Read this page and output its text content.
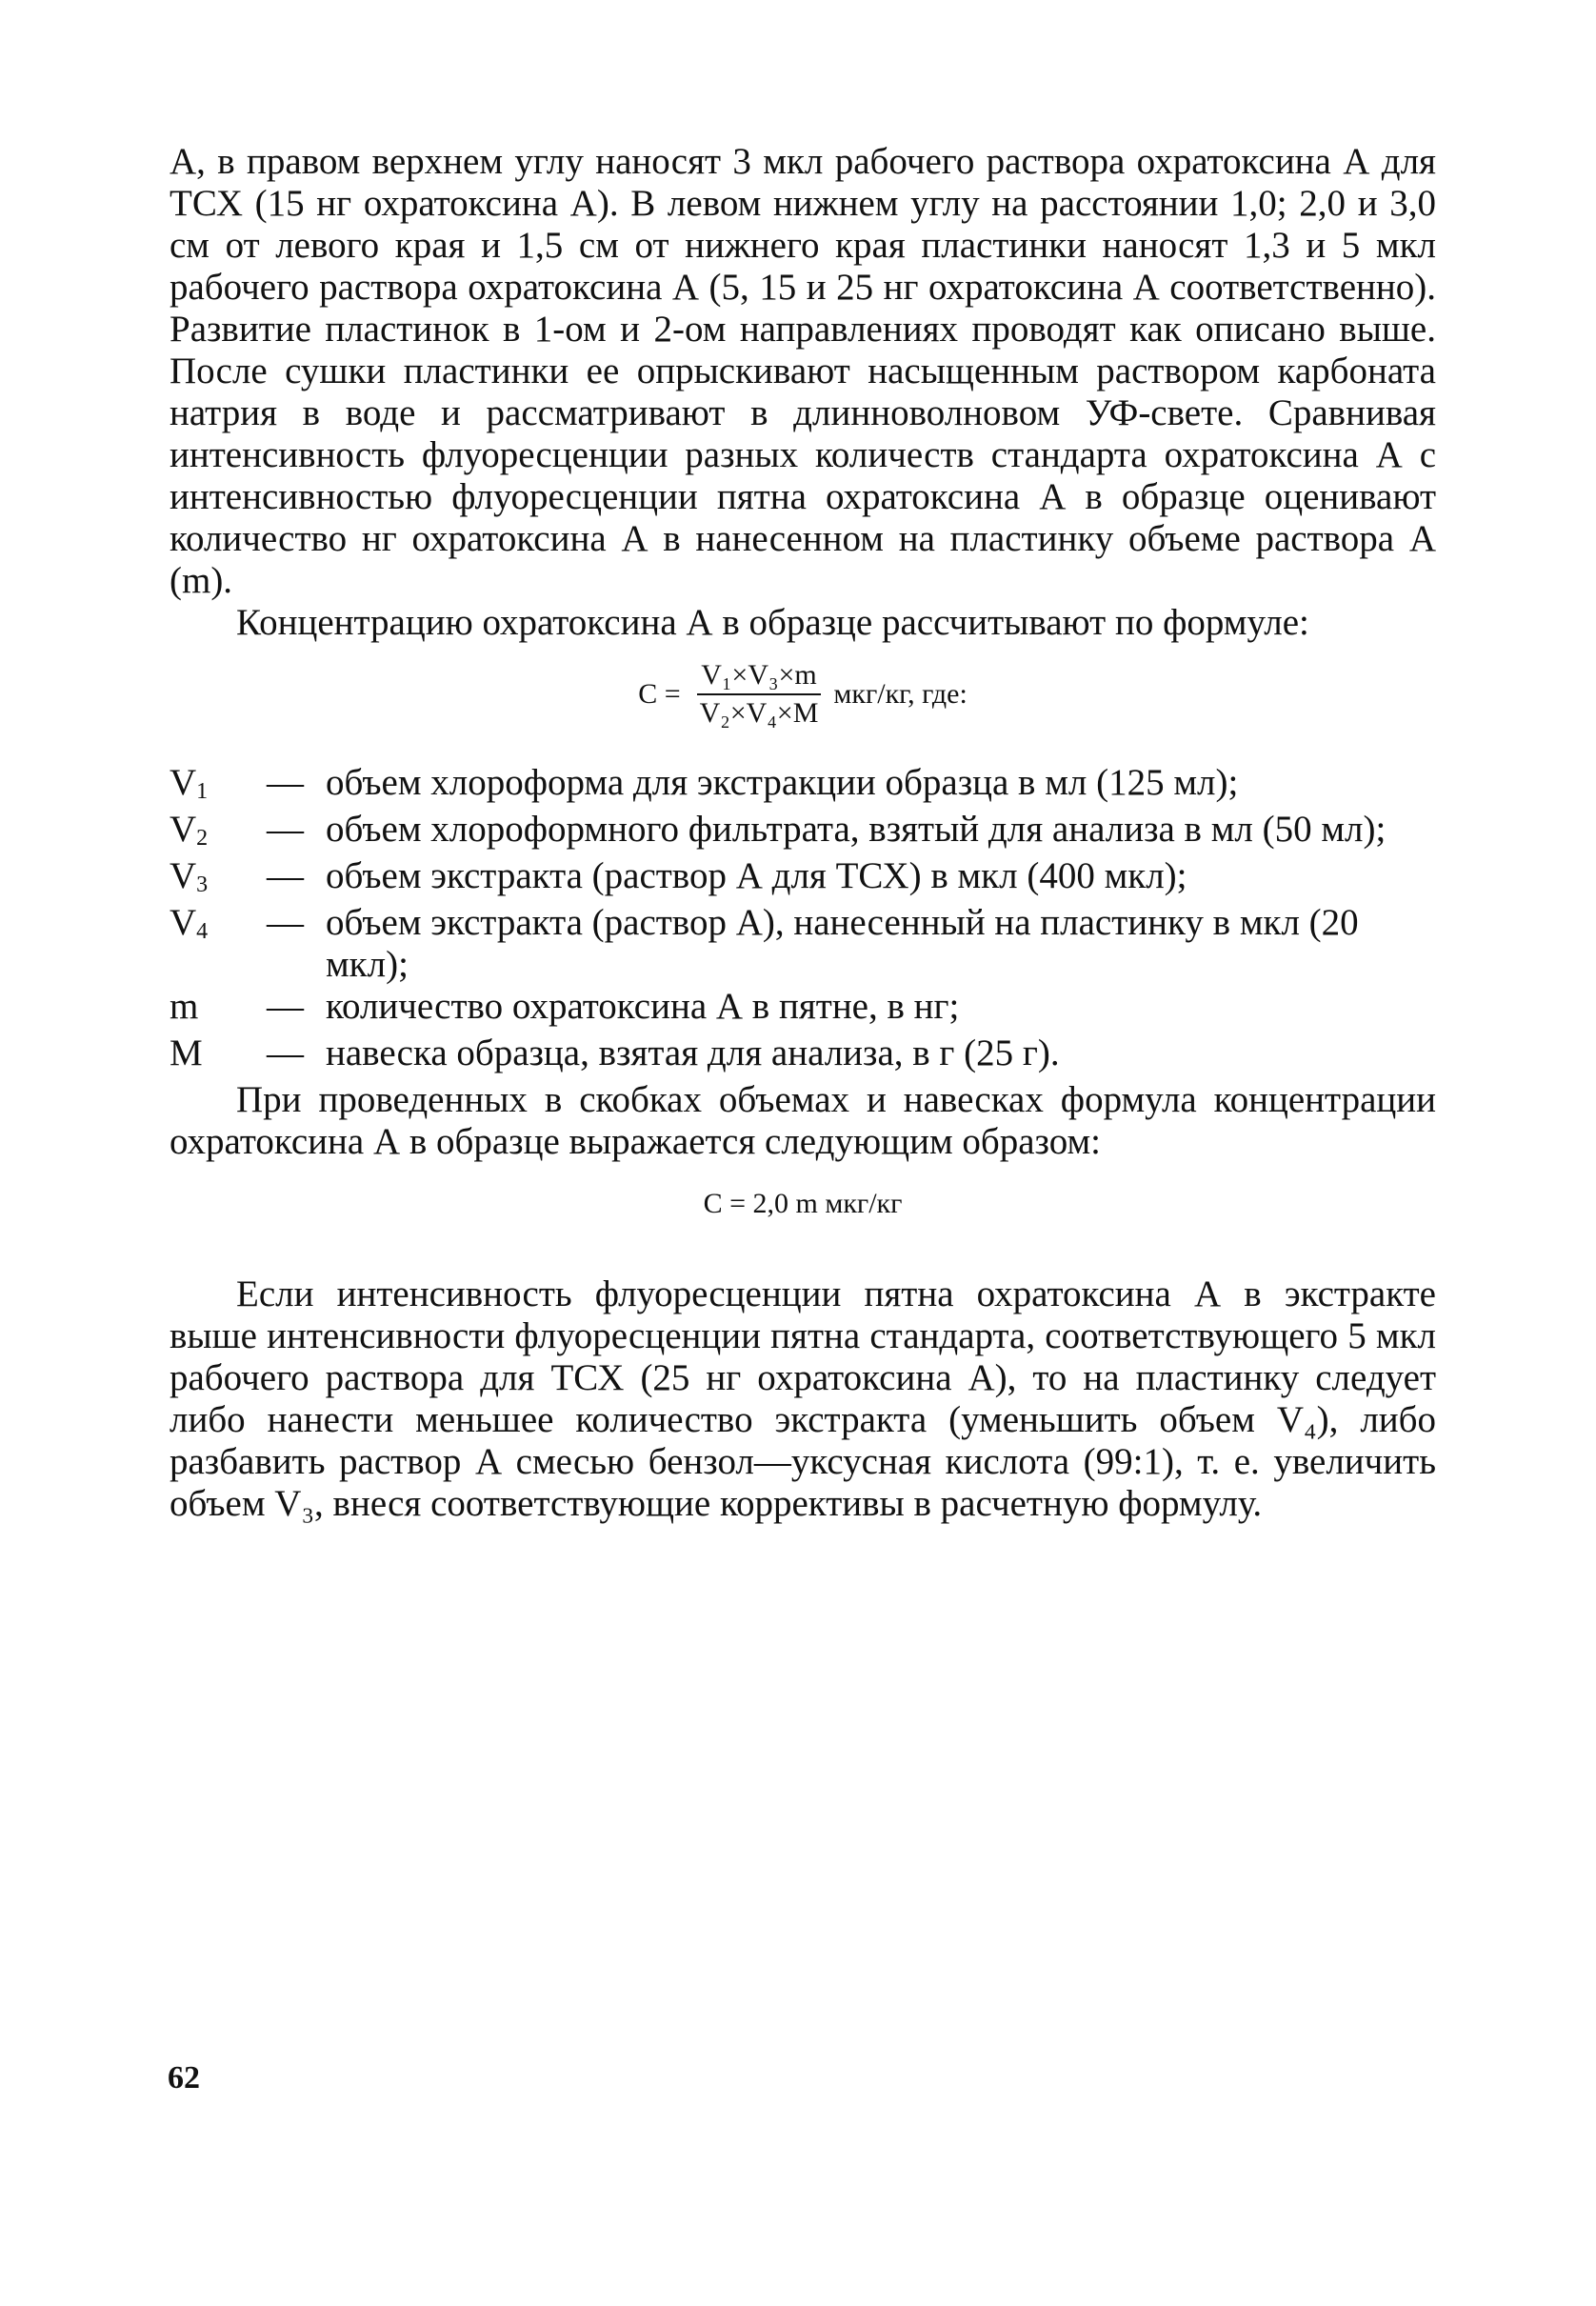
А, в правом верхнем углу наносят 3 мкл рабочего раствора охратоксина А для ТСХ (15 нг охратоксина А). В левом нижнем углу на расстоянии 1,0; 2,0 и 3,0 см от левого края и 1,5 см от нижнего края пластинки наносят 1,3 и 5 мкл рабочего раствора охратоксина А (5, 15 и 25 нг охратоксина А соответственно). Развитие пластинок в 1-ом и 2-ом направлениях проводят как описано выше. После сушки пластинки ее опрыскивают насыщенным раствором карбоната натрия в воде и рассматривают в длинноволновом УФ-свете. Сравнивая интенсивность флуоресценции разных количеств стандарта охратоксина А с интенсивностью флуоресценции пятна охратоксина А в образце оценивают количество нг охратоксина А в нанесенном на пластинку объеме раствора А (m).

Концентрацию охратоксина А в образце рассчитывают по формуле:

$C = \frac{\text{V₁×V₃×m}}{\text{V₂×V₄×M}} мкг/кг$, где:
$V_1$	— объем хлороформа для экстракции образца в мл (125 мл);
$V_2$	— объем хлороформного фильтрата, взятый для анализа в мл (50 мл);
$V_3$	— объем экстракта (раствор А для ТСХ) в мкл (400 мкл);
$V_4$	— объем экстракта (раствор А), нанесенный на пластинку в мкл (20 мкл);
m	— количество охратоксина А в пятне, в нг;
M	— навеска образца, взятая для анализа, в г (25 г).

При проведенных в скобках объемах и навесках формула концентрации охратоксина А в образце выражается следующим образом:

C = 2,0 m мкг/кг

Если интенсивность флуоресценции пятна охратоксина А в экстракте выше интенсивности флуоресценции пятна стандарта, соответствующего 5 мкл рабочего раствора для ТСХ (25 нг охратоксина А), то на пластинку следует либо нанести меньшее количество экстракта (уменьшить объем V₄), либо разбавить раствор А смесью бензол—уксусная кислота (99:1), т. е. увеличить объем V₃, внеся соответствующие коррективы в расчетную формулу.

62
